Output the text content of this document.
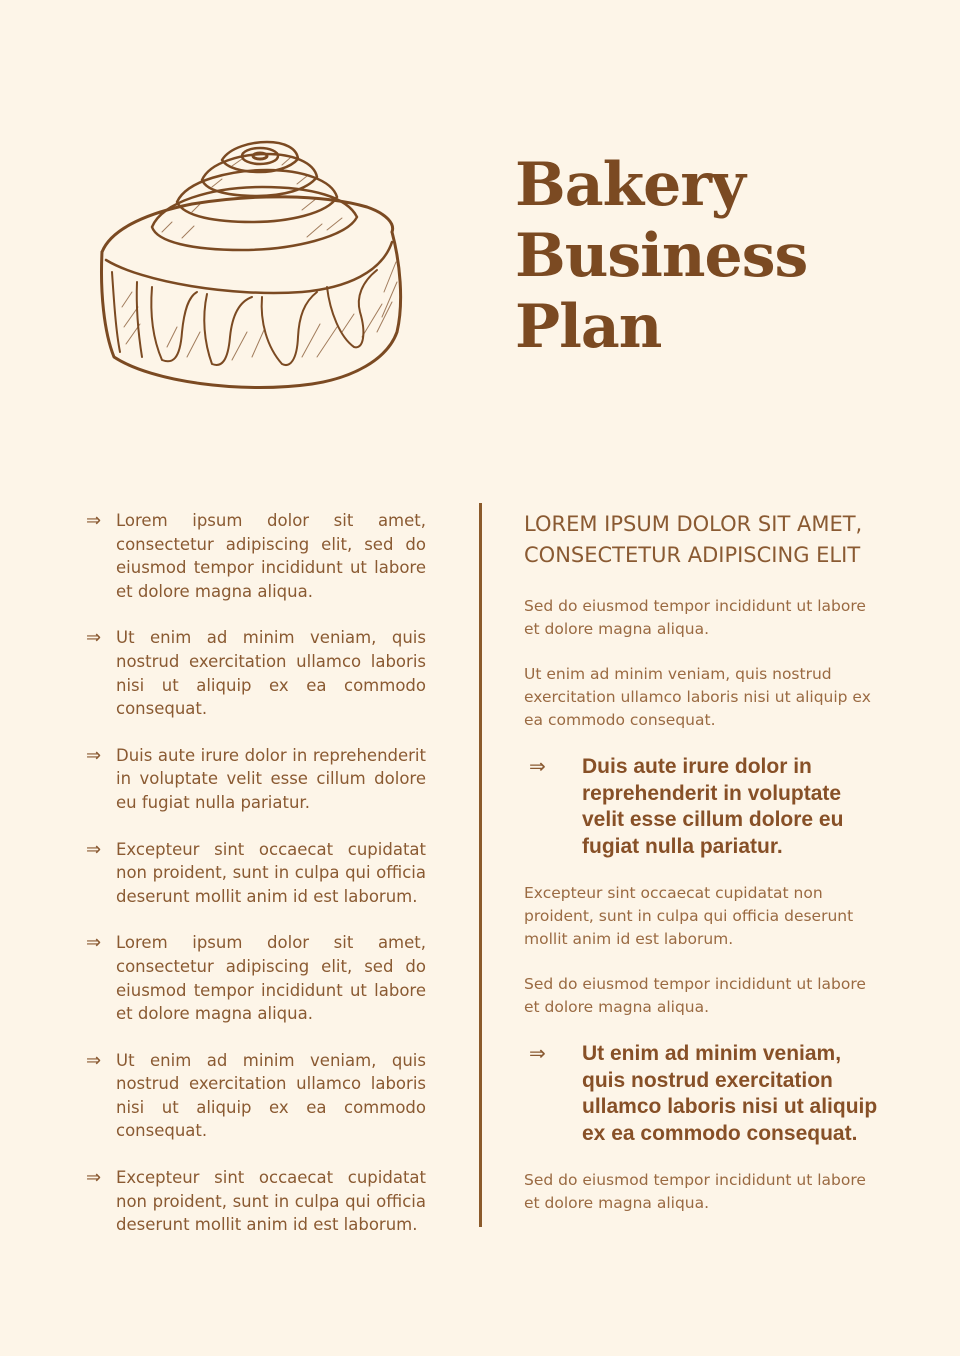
Bakery
Business
Plan
⇒ Lorem ipsum dolor sit amet, consectetur adipiscing elit, sed do eiusmod tempor incididunt ut labore et dolore magna aliqua.
⇒ Ut enim ad minim veniam, quis nostrud exercitation ullamco laboris nisi ut aliquip ex ea commodo consequat.
⇒ Duis aute irure dolor in reprehenderit in voluptate velit esse cillum dolore eu fugiat nulla pariatur.
⇒ Excepteur sint occaecat cupidatat non proident, sunt in culpa qui officia deserunt mollit anim id est laborum.
⇒ Lorem ipsum dolor sit amet, consectetur adipiscing elit, sed do eiusmod tempor incididunt ut labore et dolore magna aliqua.
⇒ Ut enim ad minim veniam, quis nostrud exercitation ullamco laboris nisi ut aliquip ex ea commodo consequat.
⇒ Excepteur sint occaecat cupidatat non proident, sunt in culpa qui officia deserunt mollit anim id est laborum.
LOREM IPSUM DOLOR SIT AMET, CONSECTETUR ADIPISCING ELIT
Sed do eiusmod tempor incididunt ut labore et dolore magna aliqua.
Ut enim ad minim veniam, quis nostrud exercitation ullamco laboris nisi ut aliquip ex ea commodo consequat.
⇒ Duis aute irure dolor in reprehenderit in voluptate velit esse cillum dolore eu fugiat nulla pariatur.
Excepteur sint occaecat cupidatat non proident, sunt in culpa qui officia deserunt mollit anim id est laborum.
Sed do eiusmod tempor incididunt ut labore et dolore magna aliqua.
⇒ Ut enim ad minim veniam, quis nostrud exercitation ullamco laboris nisi ut aliquip ex ea commodo consequat.
Sed do eiusmod tempor incididunt ut labore et dolore magna aliqua.
